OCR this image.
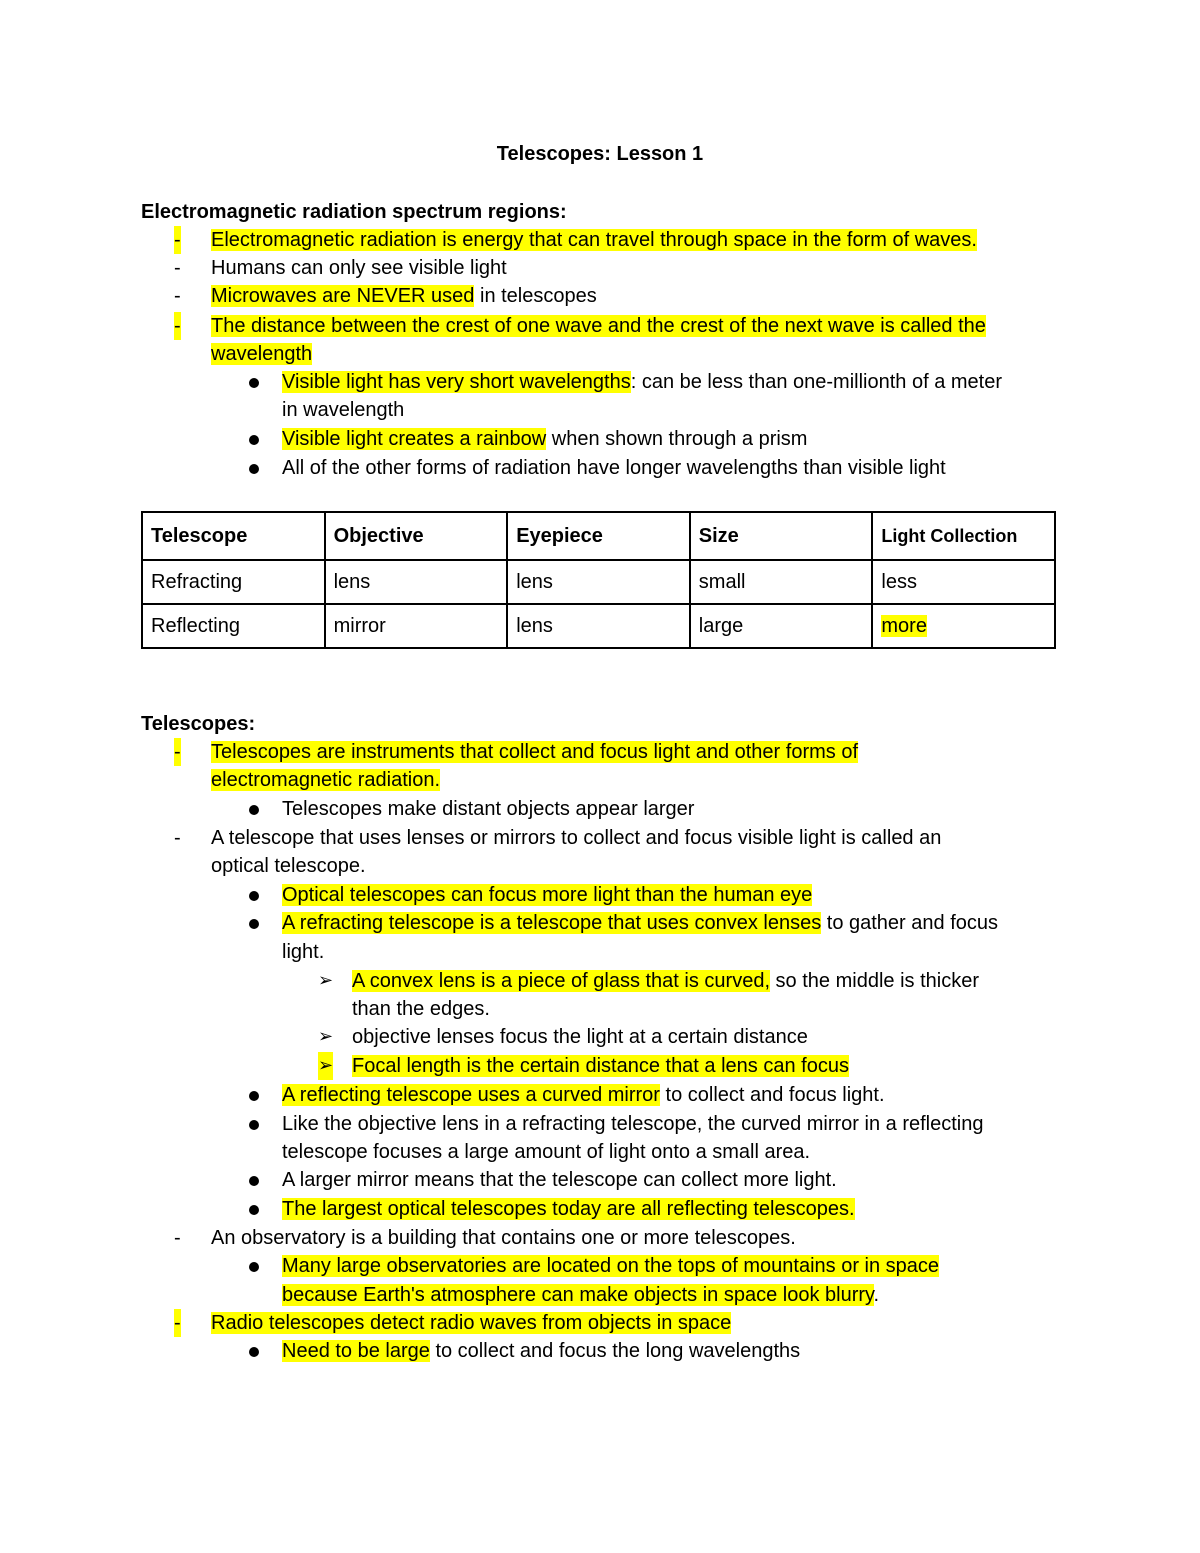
Telescopes: Lesson 1
Electromagnetic radiation spectrum regions:
- Electromagnetic radiation is energy that can travel through space in the form of waves.
- Humans can only see visible light
- Microwaves are NEVER used in telescopes
- The distance between the crest of one wave and the crest of the next wave is called the
wavelength
Visible light has very short wavelengths: can be less than one-millionth of a meter
in wavelength
Visible light creates a rainbow when shown through a prism
All of the other forms of radiation have longer wavelengths than visible light
Telescope	Objective	Eyepiece	Size	Light Collection
Refracting	lens	lens	small	less
Reflecting	mirror	lens	large	more
Telescopes:
- Telescopes are instruments that collect and focus light and other forms of
electromagnetic radiation.
Telescopes make distant objects appear larger
- A telescope that uses lenses or mirrors to collect and focus visible light is called an
optical telescope.
Optical telescopes can focus more light than the human eye
A refracting telescope is a telescope that uses convex lenses to gather and focus
light.
➢ A convex lens is a piece of glass that is curved, so the middle is thicker
than the edges.
➢ objective lenses focus the light at a certain distance
➢ Focal length is the certain distance that a lens can focus
A reflecting telescope uses a curved mirror to collect and focus light.
Like the objective lens in a refracting telescope, the curved mirror in a reflecting
telescope focuses a large amount of light onto a small area.
A larger mirror means that the telescope can collect more light.
The largest optical telescopes today are all reflecting telescopes.
- An observatory is a building that contains one or more telescopes.
Many large observatories are located on the tops of mountains or in space
because Earth's atmosphere can make objects in space look blurry.
- Radio telescopes detect radio waves from objects in space
Need to be large to collect and focus the long wavelengths
